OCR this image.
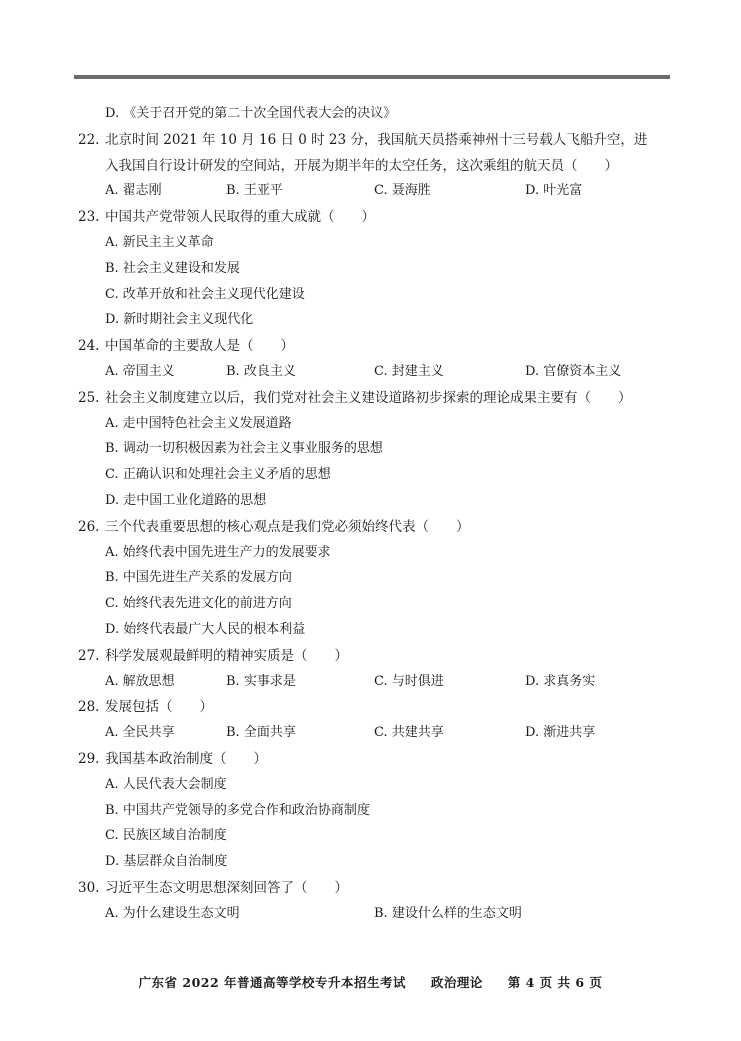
D. 《关于召开党的第二十次全国代表大会的决议》
22. 北京时间 2021 年 10 月 16 日 0 时 23 分，我国航天员搭乘神州十三号载人飞船升空，进
入我国自行设计研发的空间站，开展为期半年的太空任务，这次乘组的航天员（　　）
A. 翟志刚	B. 王亚平	C. 聂海胜	D. 叶光富
23. 中国共产党带领人民取得的重大成就（　　）
A. 新民主主义革命
B. 社会主义建设和发展
C. 改革开放和社会主义现代化建设
D. 新时期社会主义现代化
24. 中国革命的主要敌人是（　　）
A. 帝国主义	B. 改良主义	C. 封建主义	D. 官僚资本主义
25. 社会主义制度建立以后，我们党对社会主义建设道路初步探索的理论成果主要有（　　）
A. 走中国特色社会主义发展道路
B. 调动一切积极因素为社会主义事业服务的思想
C. 正确认识和处理社会主义矛盾的思想
D. 走中国工业化道路的思想
26. 三个代表重要思想的核心观点是我们党必须始终代表（　　）
A. 始终代表中国先进生产力的发展要求
B. 中国先进生产关系的发展方向
C. 始终代表先进文化的前进方向
D. 始终代表最广大人民的根本利益
27. 科学发展观最鲜明的精神实质是（　　）
A. 解放思想	B. 实事求是	C. 与时俱进	D. 求真务实
28. 发展包括（　　）
A. 全民共享	B. 全面共享	C. 共建共享	D. 渐进共享
29. 我国基本政治制度（　　）
A. 人民代表大会制度
B. 中国共产党领导的多党合作和政治协商制度
C. 民族区域自治制度
D. 基层群众自治制度
30. 习近平生态文明思想深刻回答了（　　）
A. 为什么建设生态文明	B. 建设什么样的生态文明
广东省 2022 年普通高等学校专升本招生考试 政治理论 第 4 页 共 6 页
